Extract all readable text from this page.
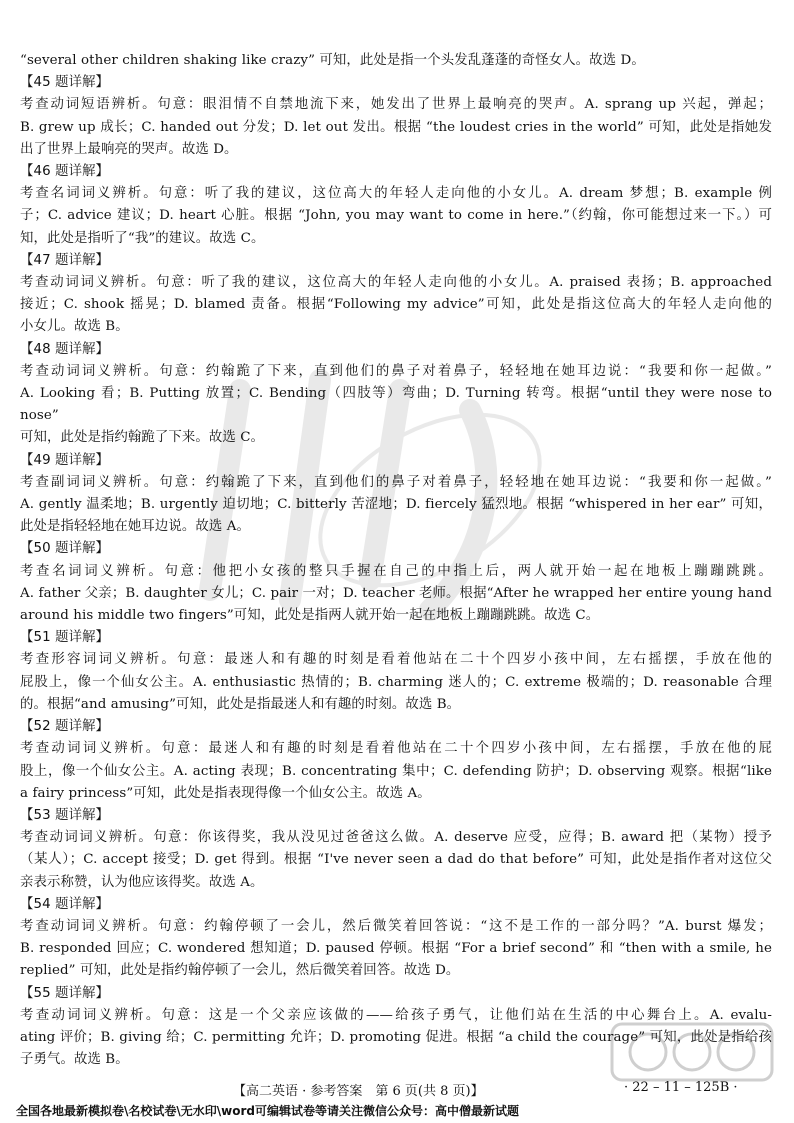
“several other children shaking like crazy” 可知，此处是指一个头发乱蓬蓬的奇怪女人。故选 D。
【45 题详解】
考查动词短语辨析。句意：眼泪情不自禁地流下来，她发出了世界上最响亮的哭声。A. sprang up 兴起，弹起；
B. grew up 成长；C. handed out 分发；D. let out 发出。根据 “the loudest cries in the world” 可知，此处是指她发
出了世界上最响亮的哭声。故选 D。
【46 题详解】
考查名词词义辨析。句意：听了我的建议，这位高大的年轻人走向他的小女儿。A. dream 梦想；B. example 例
子；C. advice 建议；D. heart 心脏。根据 “John, you may want to come in here.”（约翰，你可能想过来一下。）可
知，此处是指听了“我”的建议。故选 C。
【47 题详解】
考查动词词义辨析。句意：听了我的建议，这位高大的年轻人走向他的小女儿。A. praised 表扬；B. approached
接近；C. shook 摇晃；D. blamed 责备。根据“Following my advice”可知，此处是指这位高大的年轻人走向他的
小女儿。故选 B。
【48 题详解】
考查动词词义辨析。句意：约翰跪了下来，直到他们的鼻子对着鼻子，轻轻地在她耳边说：“我要和你一起做。”
A. Looking 看；B. Putting 放置；C. Bending（四肢等）弯曲；D. Turning 转弯。根据“until they were nose to nose”
可知，此处是指约翰跪了下来。故选 C。
【49 题详解】
考查副词词义辨析。句意：约翰跪了下来，直到他们的鼻子对着鼻子，轻轻地在她耳边说：“我要和你一起做。”
A. gently 温柔地；B. urgently 迫切地；C. bitterly 苦涩地；D. fiercely 猛烈地。根据 “whispered in her ear” 可知，
此处是指轻轻地在她耳边说。故选 A。
【50 题详解】
考查名词词义辨析。句意：他把小女孩的整只手握在自己的中指上后，两人就开始一起在地板上蹦蹦跳跳。
A. father 父亲；B. daughter 女儿；C. pair 一对；D. teacher 老师。根据“After he wrapped her entire young hand
around his middle two fingers”可知，此处是指两人就开始一起在地板上蹦蹦跳跳。故选 C。
【51 题详解】
考查形容词词义辨析。句意：最迷人和有趣的时刻是看着他站在二十个四岁小孩中间，左右摇摆，手放在他的
屁股上，像一个仙女公主。A. enthusiastic 热情的；B. charming 迷人的；C. extreme 极端的；D. reasonable 合理
的。根据“and amusing”可知，此处是指最迷人和有趣的时刻。故选 B。
【52 题详解】
考查动词词义辨析。句意：最迷人和有趣的时刻是看着他站在二十个四岁小孩中间，左右摇摆，手放在他的屁
股上，像一个仙女公主。A. acting 表现；B. concentrating 集中；C. defending 防护；D. observing 观察。根据“like
a fairy princess”可知，此处是指表现得像一个仙女公主。故选 A。
【53 题详解】
考查动词词义辨析。句意：你该得奖，我从没见过爸爸这么做。A. deserve 应受，应得；B. award 把（某物）授予
（某人）；C. accept 接受；D. get 得到。根据 “I've never seen a dad do that before” 可知，此处是指作者对这位父
亲表示称赞，认为他应该得奖。故选 A。
【54 题详解】
考查动词词义辨析。句意：约翰停顿了一会儿，然后微笑着回答说：“这不是工作的一部分吗？”A. burst 爆发；
B. responded 回应；C. wondered 想知道；D. paused 停顿。根据 “For a brief second” 和 “then with a smile, he
replied” 可知，此处是指约翰停顿了一会儿，然后微笑着回答。故选 D。
【55 题详解】
考查动词词义辨析。句意：这是一个父亲应该做的——给孩子勇气，让他们站在生活的中心舞台上。A. evalu-
ating 评价；B. giving 给；C. permitting 允许；D. promoting 促进。根据 “a child the courage” 可知，此处是指给孩
子勇气。故选 B。
【高二英语 · 参考答案　第 6 页(共 8 页)】	· 22 – 11 – 125B ·
全国各地最新模拟卷\名校试卷\无水印\word可编辑试卷等请关注微信公众号：高中僧最新试题
